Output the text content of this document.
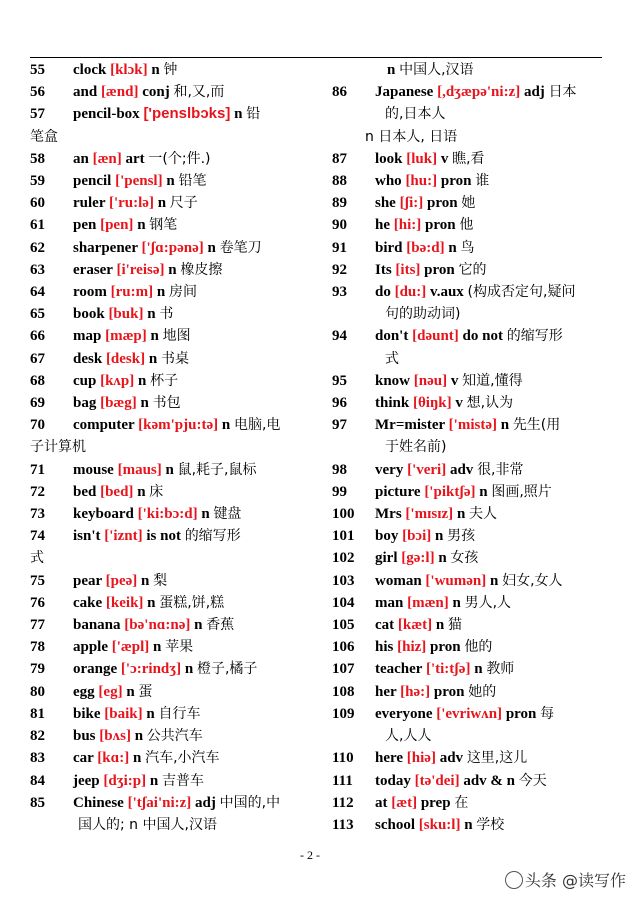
55	clock [klɔk] n 钟
56	and [ænd] conj 和,又,而
57	pencil-box ['penslbɔks] n 铅
笔盒
58	an [æn] art 一(个;件.)
59	pencil ['pensl] n 铅笔
60	ruler ['ru:lə] n 尺子
61	pen [pen] n 钢笔
62	sharpener ['ʃɑ:pənə] n 卷笔刀
63	eraser [i'reisə] n 橡皮擦
64	room [ru:m] n 房间
65	book [buk] n 书
66	map [mæp] n 地图
67	desk [desk] n 书桌
68	cup [kʌp] n 杯子
69	bag [bæg] n 书包
70	computer [kəm'pju:tə] n 电脑,电
子计算机
71	mouse [maus] n 鼠,耗子,鼠标
72	bed [bed] n 床
73	keyboard ['ki:bɔ:d] n 键盘
74	isn't ['iznt] is not 的缩写形
式
75	pear [peə] n 梨
76	cake [keik] n 蛋糕,饼,糕
77	banana [bə'nɑ:nə] n 香蕉
78	apple ['æpl] n 苹果
79	orange ['ɔ:rindʒ] n 橙子,橘子
80	egg [eg] n 蛋
81	bike [baik] n 自行车
82	bus [bʌs] n 公共汽车
83	car [kɑ:] n 汽车,小汽车
84	jeep [dʒi:p] n 吉普车
85	Chinese ['tʃai'ni:z] adj 中国的,中
国人的; n 中国人,汉语
n 中国人,汉语
86	Japanese [,dʒæpə'ni:z] adj 日本
的,日本人
n 日本人, 日语
87	look [luk] v 瞧,看
88	who [hu:] pron 谁
89	she [ʃi:] pron 她
90	he [hi:] pron 他
91	bird [bə:d] n 鸟
92	Its [its] pron 它的
93	do [du:] v.aux (构成否定句,疑问
句的助动词)
94	don't [dəunt] do not 的缩写形
式
95	know [nəu] v 知道,懂得
96	think [θiŋk] v 想,认为
97	Mr=mister ['mistə] n 先生(用
于姓名前)
98	very ['veri] adv 很,非常
99	picture ['piktʃə] n 图画,照片
100	Mrs ['mɪsɪz] n 夫人
101	boy [bɔi] n 男孩
102	girl [gə:l] n 女孩
103	woman ['wumən] n 妇女,女人
104	man [mæn] n 男人,人
105	cat [kæt] n 猫
106	his [hiz] pron 他的
107	teacher ['ti:tʃə] n 教师
108	her [hə:] pron 她的
109	everyone ['evriwʌn] pron 每
人,人人
110	here [hiə] adv 这里,这儿
111	today [tə'dei] adv & n 今天
112	at [æt] prep 在
113	school [sku:l] n 学校
- 2 -
头条 @读写作
